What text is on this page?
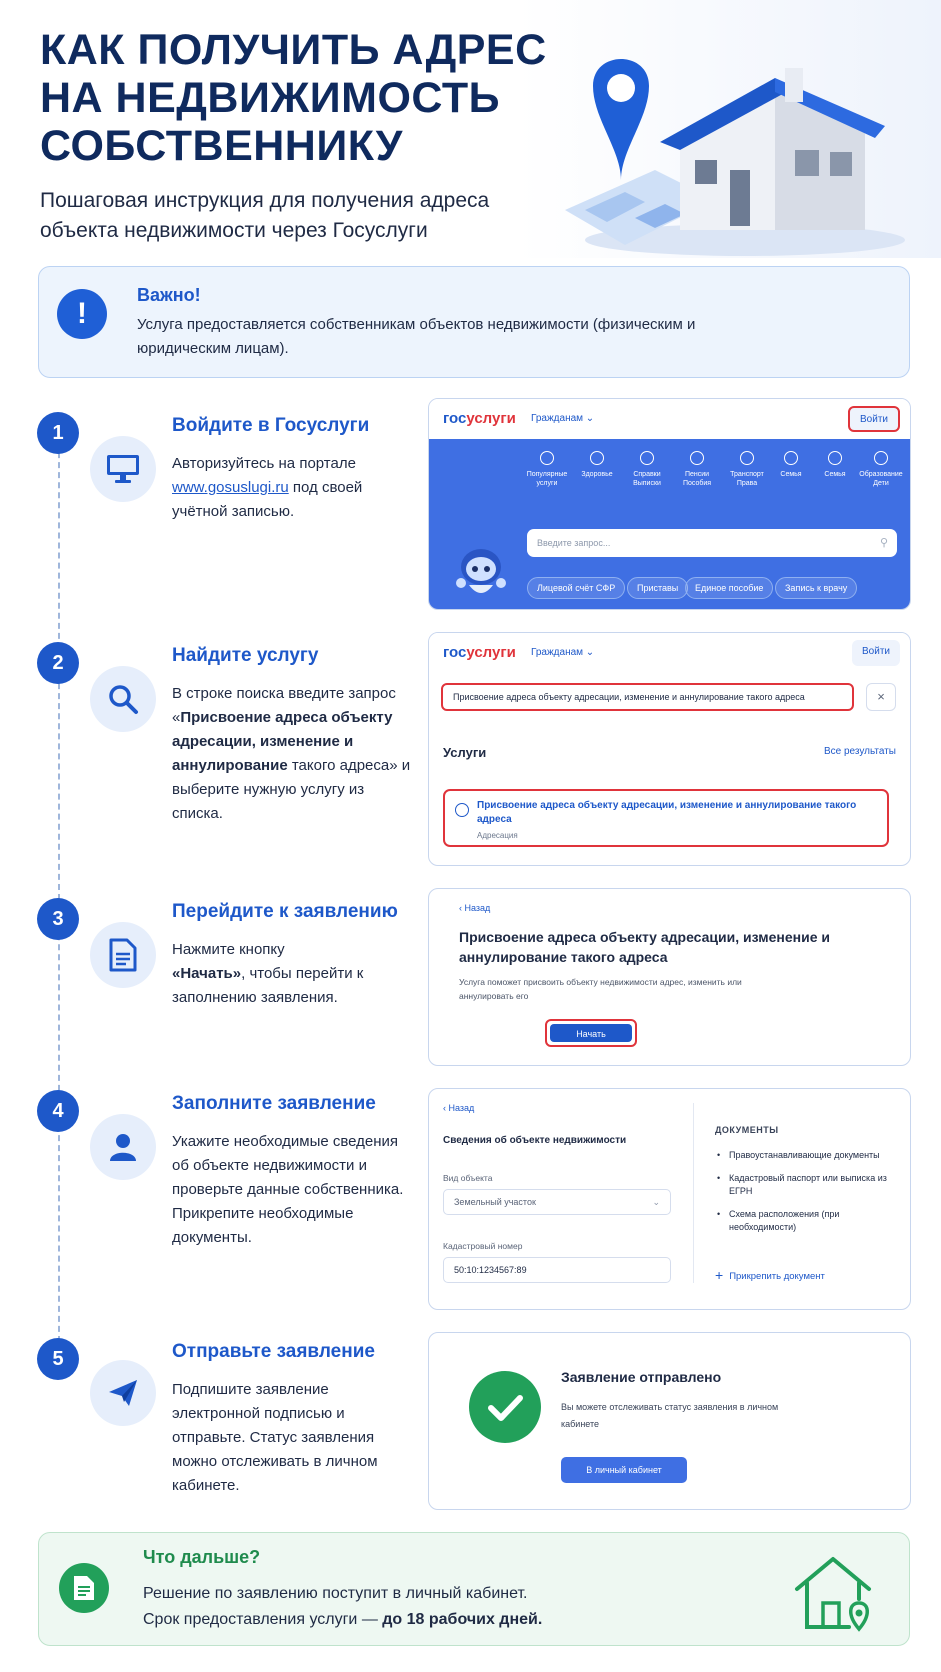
КАК ПОЛУЧИТЬ АДРЕС НА НЕДВИЖИМОСТЬ СОБСТВЕННИКУ
Пошаговая инструкция для получения адреса объекта недвижимости через Госуслуги
!
Важно!
Услуга предоставляется собственникам объектов недвижимости (физическим и юридическим лицам).
1	Войдите в Госуслуги
Авторизуйтесь на портале www.gosuslugi.ru под своей учётной записью.
госуслуги Гражданам ⌄	Войти
Популярные услуги
Здоровье	Справки Выписки
Пенсии Пособия
Транспорт Права
Семья	Семья	Образование Дети
Введите запрос...	⚲
Лицевой счёт СФР	Приставы	Единое пособие	Запись к врачу
2	Найдите услугу
В строке поиска введите запрос «Присвоение адреса объекту адресации, изменение и аннулирование такого адреса» и выберите нужную услугу из списка.
госуслуги Гражданам ⌄	Войти
Присвоение адреса объекту адресации, изменение и аннулирование такого адреса	×
Услуги	Все результаты
Присвоение адреса объекту адресации, изменение и аннулирование такого адреса
Адресация
3	Перейдите к заявлению
Нажмите кнопку
«Начать», чтобы перейти к заполнению заявления.
‹ Назад
Присвоение адреса объекту адресации, изменение и аннулирование такого адреса
Услуга поможет присвоить объекту недвижимости адрес, изменить или аннулировать его
Начать
4	Заполните заявление
Укажите необходимые сведения об объекте недвижимости и проверьте данные собственника. Прикрепите необходимые документы.
‹ Назад
Сведения об объекте недвижимости
Вид объекта
Земельный участок	⌄
Кадастровый номер
50:10:1234567:89
ДОКУМЕНТЫ
• Правоустанавливающие документы
• Кадастровый паспорт или выписка из ЕГРН
• Схема расположения (при необходимости)
+ Прикрепить документ
5	Отправьте заявление
Подпишите заявление электронной подписью и отправьте. Статус заявления можно отслеживать в личном кабинете.
Заявление отправлено
Вы можете отслеживать статус заявления в личном кабинете
В личный кабинет
Что дальше?
Решение по заявлению поступит в личный кабинет.
Срок предоставления услуги — до 18 рабочих дней.
